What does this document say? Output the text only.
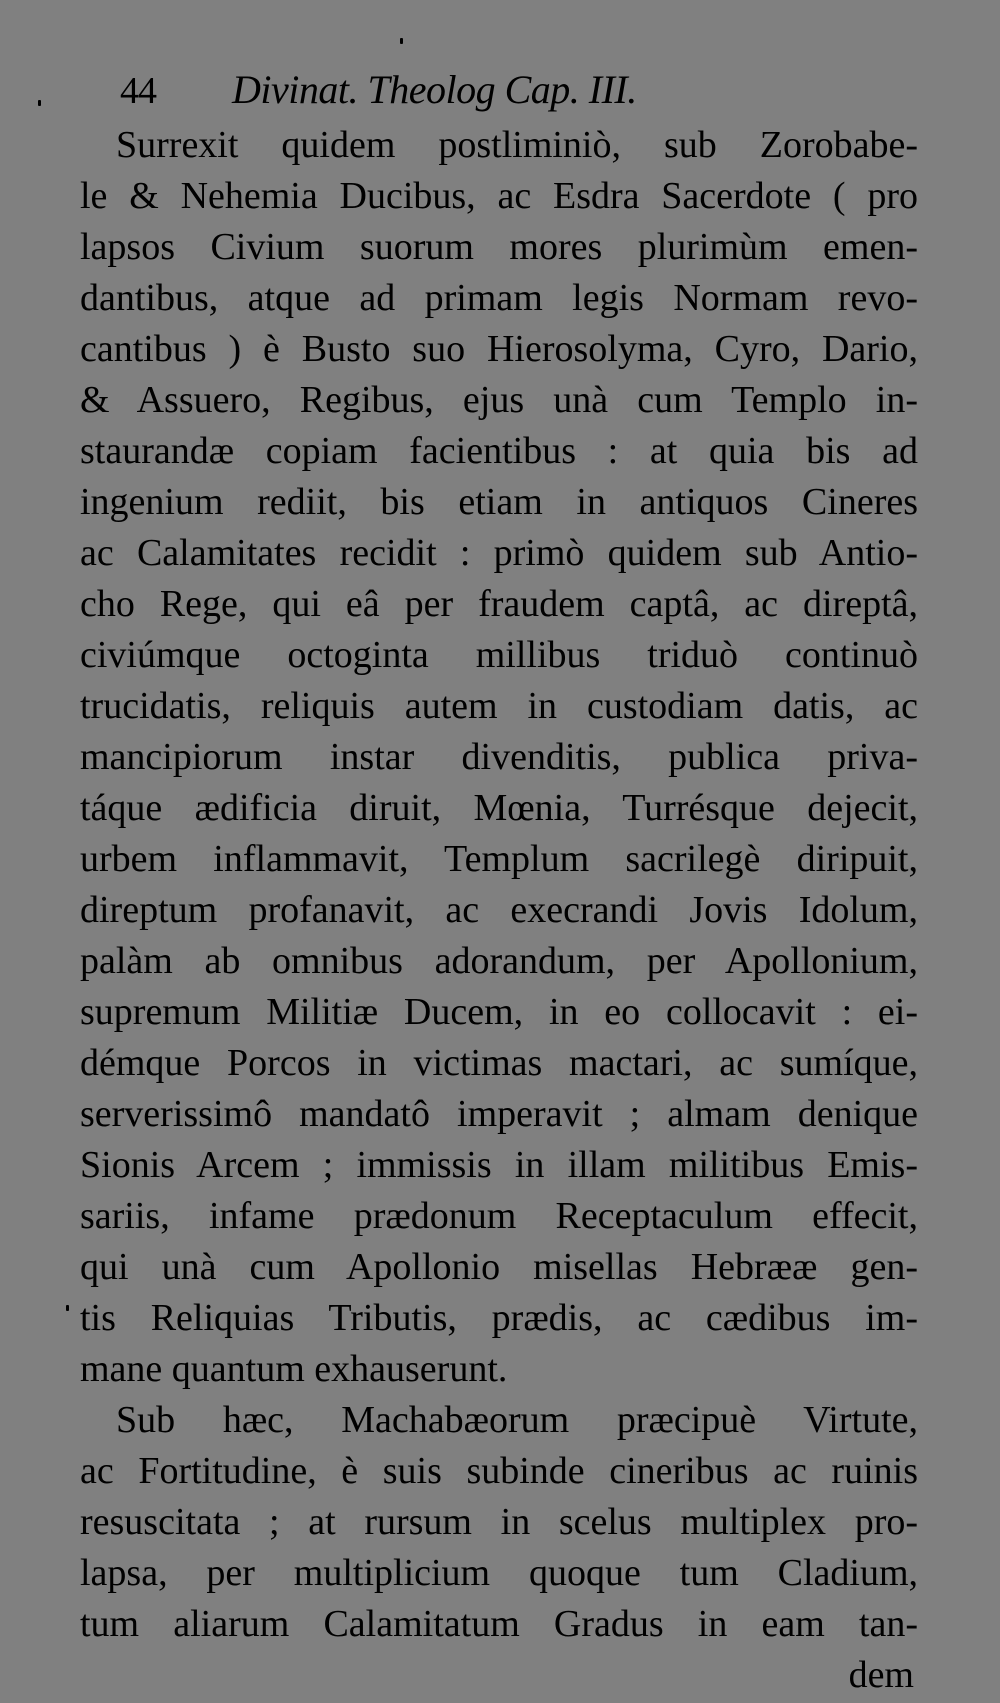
44 Divinat. Theolog Cap. III.
Surrexit quidem postliminiò, sub Zorobabe-
le & Nehemia Ducibus, ac Esdra Sacerdote ( pro
lapsos Civium suorum mores plurimùm emen-
dantibus, atque ad primam legis Normam revo-
cantibus ) è Busto suo Hierosolyma, Cyro, Dario,
& Assuero, Regibus, ejus unà cum Templo in-
staurandæ copiam facientibus : at quia bis ad
ingenium rediit, bis etiam in antiquos Cineres
ac Calamitates recidit : primò quidem sub Antio-
cho Rege, qui eâ per fraudem captâ, ac direptâ,
civiúmque octoginta millibus triduò continuò
trucidatis, reliquis autem in custodiam datis, ac
mancipiorum instar divenditis, publica priva-
táque ædificia diruit, Mœnia, Turrésque dejecit,
urbem inflammavit, Templum sacrilegè diripuit,
direptum profanavit, ac execrandi Jovis Idolum,
palàm ab omnibus adorandum, per Apollonium,
supremum Militiæ Ducem, in eo collocavit : ei-
démque Porcos in victimas mactari, ac sumíque,
serverissimô mandatô imperavit ; almam denique
Sionis Arcem ; immissis in illam militibus Emis-
sariis, infame prædonum Receptaculum effecit,
qui unà cum Apollonio misellas Hebrææ gen-
tis Reliquias Tributis, prædis, ac cædibus im-
mane quantum exhauserunt.
Sub hæc, Machabæorum præcipuè Virtute,
ac Fortitudine, è suis subinde cineribus ac ruinis
resuscitata ; at rursum in scelus multiplex pro-
lapsa, per multiplicium quoque tum Cladium,
tum aliarum Calamitatum Gradus in eam tan-
dem
